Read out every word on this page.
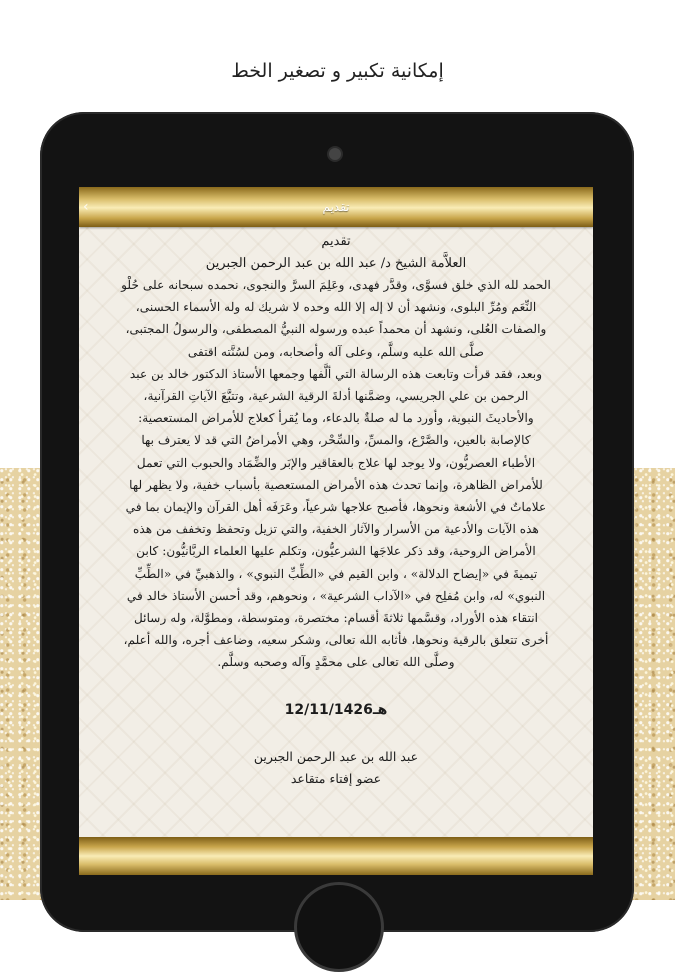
إمكانية تكبير و تصغير الخط
‹	تقديم
تقديم
العلاَّمة الشيخ د/ عبد الله بن عبد الرحمن الجبرين
الحمد لله الذي خلق فسوَّى، وقدَّر فهدى، وعَلِمَ السرَّ والنجوى، نحمده سبحانه على حُلْو
النِّعَم ومُرِّ البلوى، ونشهد أن لا إله إلا الله وحده لا شريك له وله الأسماء الحسنى،
والصفات العُلى، ونشهد أن محمداً عبده ورسوله النبيُّ المصطفى، والرسولُ المجتبى،
صلَّى الله عليه وسلَّم، وعلى آله وأصحابه، ومن لسُنَّته اقتفى
وبعد، فقد قرأت وتابعت هذه الرسالة التي ألَّفها وجمعها الأستاذ الدكتور خالد بن عبد
الرحمن بن علي الجريسي، وضمَّنها أدلةَ الرقية الشرعية، وتتبَّعَ الآياتِ القرآنية،
والأحاديثَ النبوية، وأورد ما له صلةٌ بالدعاء، وما يُقرأ كعلاج للأمراض المستعصية:
كالإصابة بالعين، والصَّرْع، والمسِّ، والسِّحْر، وهي الأمراضُ التي قد لا يعترف بها
الأطباء العصريُّون، ولا يوجد لها علاج بالعقاقير والإبَر والضِّمَاد والحبوب التي تعمل
للأمراض الظاهرة، وإنما تحدث هذه الأمراض المستعصية بأسباب خفية، ولا يظهر لها
علاماتٌ في الأشعة ونحوها، فأصبح علاجها شرعياً، وعَرَفَه أهل القرآن والإيمان بما في
هذه الآيات والأدعية من الأسرار والآثار الخفية، والتي تزيل وتحفظ وتخفف من هذه
الأمراض الروحية، وقد ذكر علاجَها الشرعيُّون، وتكلم عليها العلماء الربَّانيُّون: كابن
تيميةَ في «إيضاح الدلالة» ، وابن القيم في «الطِّبِّ النبوي» ، والذهبيِّ في «الطِّبِّ
النبوي» له، وابن مُفلِح في «الآداب الشرعية» ، ونحوهم، وقد أحسن الأستاذ خالد في
انتقاء هذه الأوراد، وقسَّمها ثلاثةَ أقسام: مختصرة، ومتوسطة، ومطوَّلة، وله رسائل
أخرى تتعلق بالرقية ونحوها، فأثابه الله تعالى، وشكر سعيه، وضاعف أجره، والله أعلم،
وصلَّى الله تعالى على محمَّدٍ وآله وصحبه وسلَّم.
12/11/1426هـ
عبد الله بن عبد الرحمن الجبرين
عضو إفتاء متقاعد
